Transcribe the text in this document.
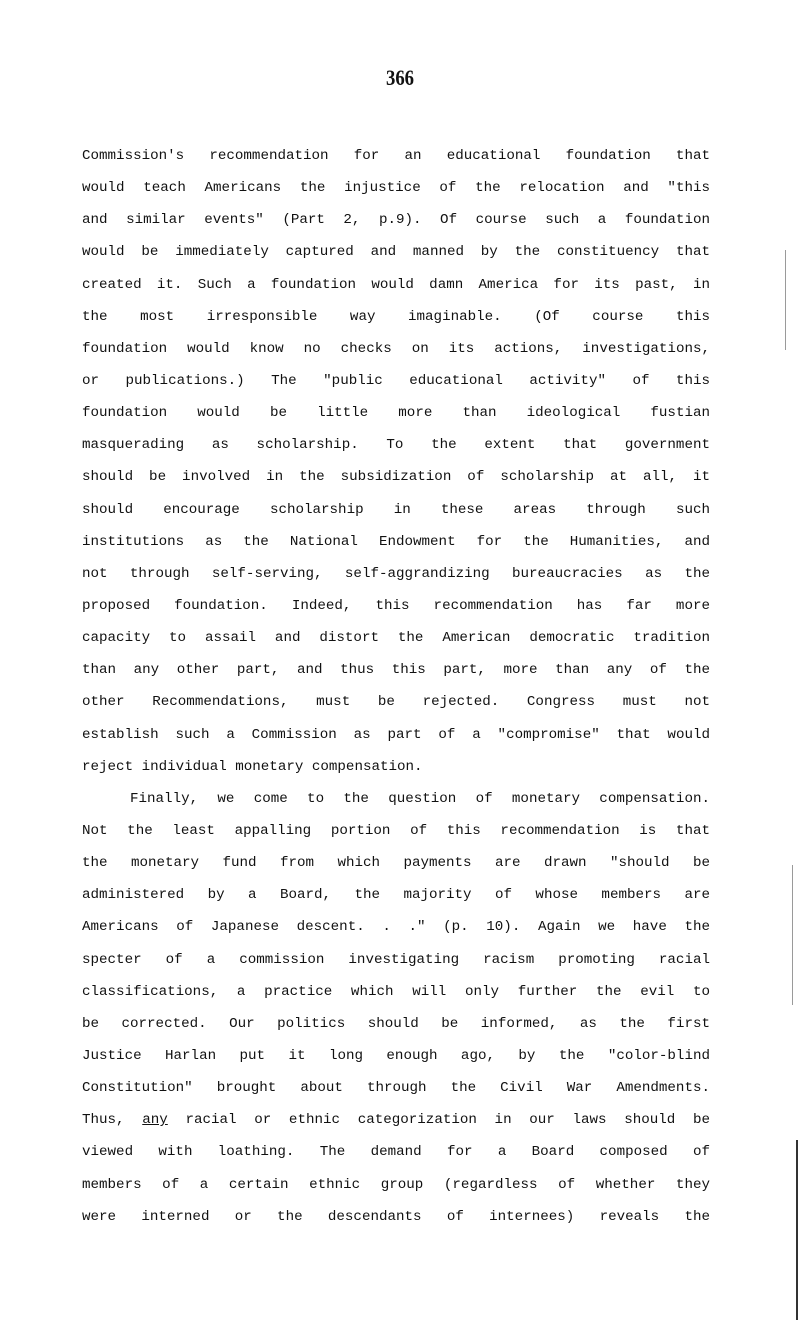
366
Commission's recommendation for an educational foundation that
would teach Americans the injustice of the relocation and "this
and similar events" (Part 2, p.9). Of course such a foundation
would be immediately captured and manned by the constituency that
created it. Such a foundation would damn America for its past, in
the most irresponsible way imaginable. (Of course this
foundation would know no checks on its actions, investigations,
or publications.) The "public educational activity" of this
foundation would be little more than ideological fustian
masquerading as scholarship. To the extent that government
should be involved in the subsidization of scholarship at all, it
should encourage scholarship in these areas through such
institutions as the National Endowment for the Humanities, and
not through self-serving, self-aggrandizing bureaucracies as the
proposed foundation. Indeed, this recommendation has far more
capacity to assail and distort the American democratic tradition
than any other part, and thus this part, more than any of the
other Recommendations, must be rejected. Congress must not
establish such a Commission as part of a "compromise" that would
reject individual monetary compensation.
Finally, we come to the question of monetary compensation.
Not the least appalling portion of this recommendation is that
the monetary fund from which payments are drawn "should be
administered by a Board, the majority of whose members are
Americans of Japanese descent. . ." (p. 10). Again we have the
specter of a commission investigating racism promoting racial
classifications, a practice which will only further the evil to
be corrected. Our politics should be informed, as the first
Justice Harlan put it long enough ago, by the "color-blind
Constitution" brought about through the Civil War Amendments.
Thus, any racial or ethnic categorization in our laws should be
viewed with loathing. The demand for a Board composed of
members of a certain ethnic group (regardless of whether they
were interned or the descendants of internees) reveals the
